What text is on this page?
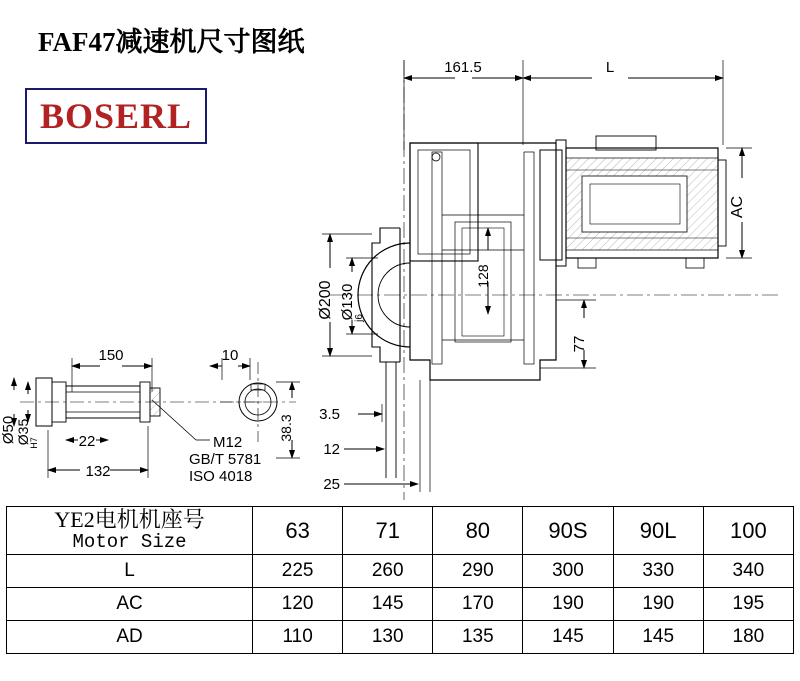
FAF47减速机尺寸图纸
BOSERL
161.5	L
128
77
AC
Ø200 Ø130
j6
3.5
12
25
150	10
Ø50
Ø35
H7	22
132
38.3
M12
GB/T 5781
ISO 4018
YE2电机机座号
Motor Size	63	71	80	90S	90L	100
L	225	260	290	300	330	340
AC	120	145	170	190	190	195
AD	110	130	135	145	145	180
